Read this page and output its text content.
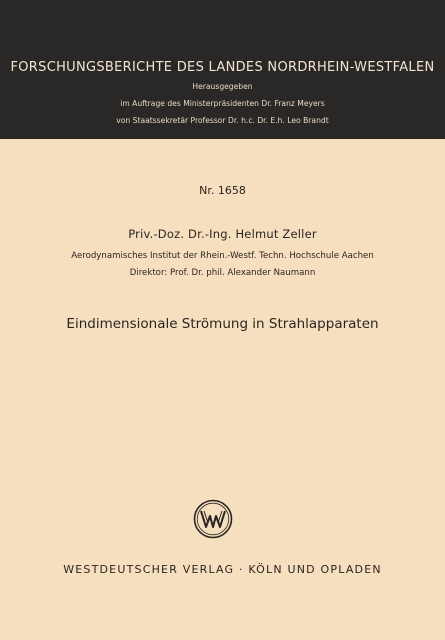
FORSCHUNGSBERICHTE DES LANDES NORDRHEIN-WESTFALEN
Herausgegeben
im Auftrage des Ministerpräsidenten Dr. Franz Meyers
von Staatssekretär Professor Dr. h.c. Dr. E.h. Leo Brandt
Nr. 1658
Priv.-Doz. Dr.-Ing. Helmut Zeller
Aerodynamisches Institut der Rhein.-Westf. Techn. Hochschule Aachen
Direktor: Prof. Dr. phil. Alexander Naumann
Eindimensionale Strömung in Strahlapparaten
WESTDEUTSCHER VERLAG · KÖLN UND OPLADEN
